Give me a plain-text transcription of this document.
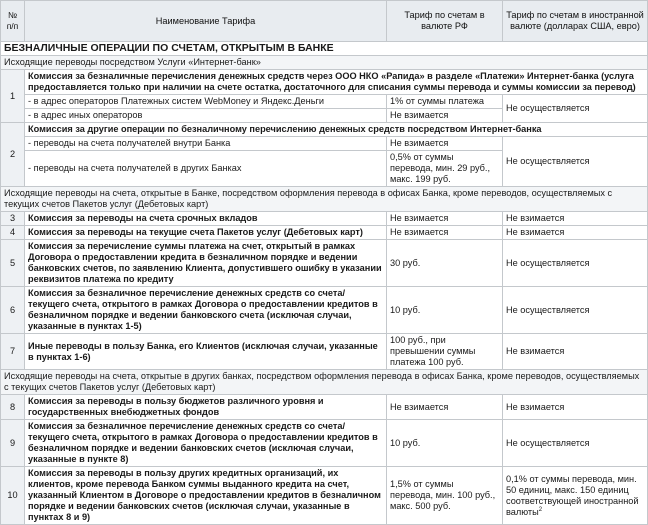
№ п/п	Наименование Тарифа	Тариф по счетам в валюте РФ	Тариф по счетам в иностранной валюте (долларах США, евро)
БЕЗНАЛИЧНЫЕ ОПЕРАЦИИ ПО СЧЕТАМ, ОТКРЫТЫМ В БАНКЕ			
Исходящие переводы посредством Услуги «Интернет-банк»			
1	Комиссия за безналичные перечисления денежных средств через ООО НКО «Рапида» в разделе «Платежи» Интернет-банка (услуга предоставляется только при наличии на счете остатка, достаточного для списания суммы перевода и суммы комиссии за перевод)		
	- в адрес операторов Платежных систем WebMoney и Яндекс.Деньги	1% от суммы платежа	Не осуществляется
	- в адрес иных операторов	Не взимается	
2	Комиссия за другие операции по безналичному перечислению денежных средств посредством Интернет-банка		
	- переводы на счета получателей внутри Банка	Не взимается	Не осуществляется
	- переводы на счета получателей в других Банках	0,5% от суммы перевода, мин. 29 руб., макс. 199 руб.	
Исходящие переводы на счета, открытые в Банке, посредством оформления перевода в офисах Банка, кроме переводов, осуществляемых с текущих счетов Пакетов услуг (Дебетовых карт)			
3	Комиссия за переводы на счета срочных вкладов	Не взимается	Не взимается
4	Комиссия за переводы на текущие счета Пакетов услуг (Дебетовых карт)	Не взимается	Не взимается
5	Комиссия за перечисление суммы платежа на счет, открытый в рамках Договора о предоставлении кредита в безналичном порядке и ведении банковских счетов, по заявлению Клиента, допустившего ошибку в указании реквизитов платежа по кредиту	30 руб.	Не осуществляется
6	Комиссия за безналичное перечисление денежных средств со счета/текущего счета, открытого в рамках Договора о предоставлении кредитов в безналичном порядке и ведении банковского счета (исключая случаи, указанные в пунктах 1-5)	10 руб.	Не осуществляется
7	Иные переводы в пользу Банка, его Клиентов (исключая случаи, указанные в пунктах 1-6)	100 руб., при превышении суммы платежа 100 руб.	Не взимается
Исходящие переводы на счета, открытые в других банках, посредством оформления перевода в офисах Банка, кроме переводов, осуществляемых с текущих счетов Пакетов услуг (Дебетовых карт)			
8	Комиссия за переводы в пользу бюджетов различного уровня и государственных внебюджетных фондов	Не взимается	Не взимается
9	Комиссия за безналичное перечисление денежных средств со счета/текущего счета, открытого в рамках Договора о предоставлении кредитов в безналичном порядке и ведении банковских счетов (исключая случаи, указанные в пункте 8)	10 руб.	Не осуществляется
10	Комиссия за переводы в пользу других кредитных организаций, их клиентов, кроме перевода Банком суммы выданного кредита на счет, указанный Клиентом в Договоре о предоставлении кредитов в безналичном порядке и ведении банковских счетов (исключая случаи, указанные в пунктах 8 и 9)	1,5% от суммы перевода, мин. 100 руб., макс. 500 руб.	0,1% от суммы перевода, мин. 50 единиц, макс. 150 единиц соответствующей иностранной валюты$^2$
